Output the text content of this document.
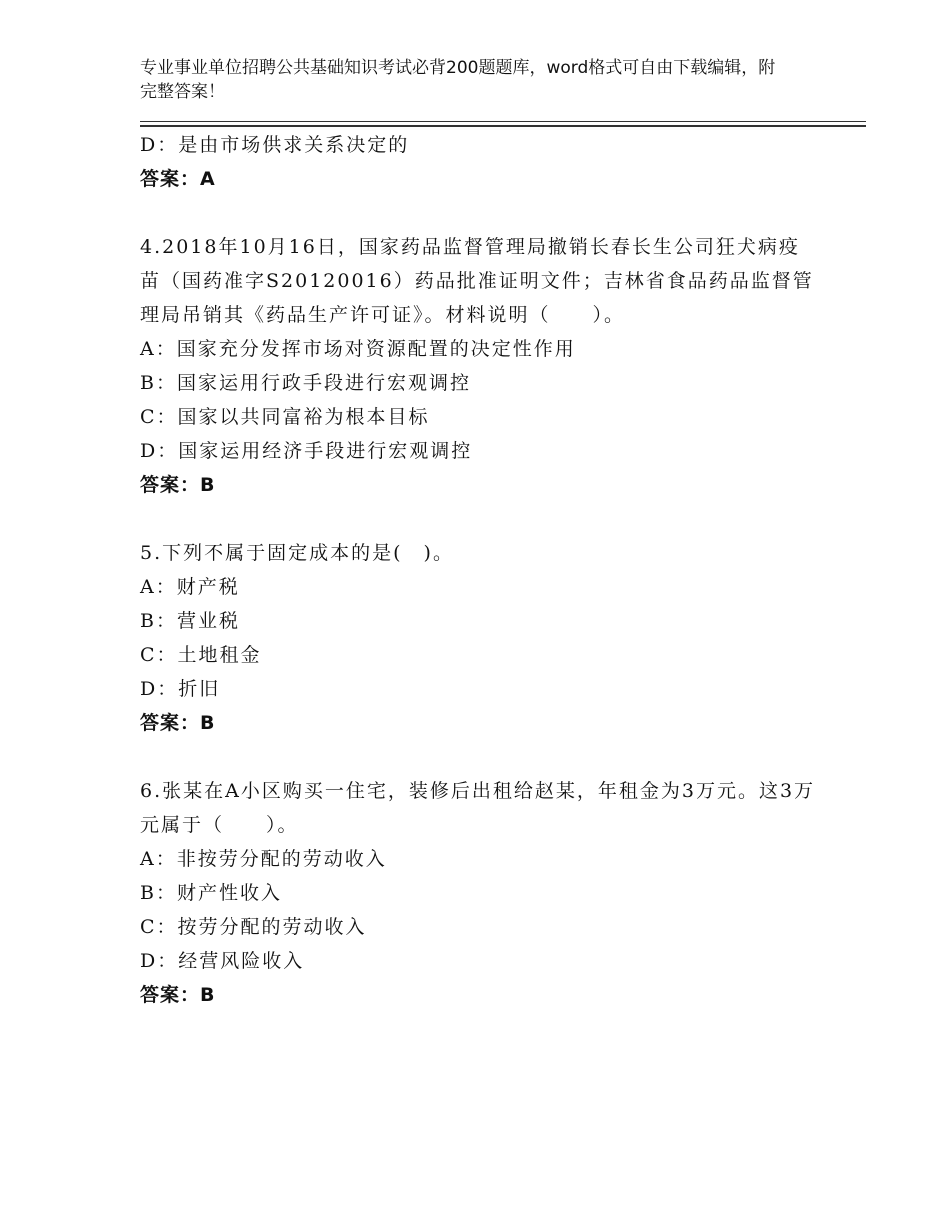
专业事业单位招聘公共基础知识考试必背200题题库，word格式可自由下载编辑，附完整答案！
D：是由市场供求关系决定的
答案：A
4.2018年10月16日，国家药品监督管理局撤销长春长生公司狂犬病疫苗（国药准字S20120016）药品批准证明文件；吉林省食品药品监督管理局吊销其《药品生产许可证》。材料说明（　　）。
A：国家充分发挥市场对资源配置的决定性作用
B：国家运用行政手段进行宏观调控
C：国家以共同富裕为根本目标
D：国家运用经济手段进行宏观调控
答案：B
5.下列不属于固定成本的是(　)。
A：财产税
B：营业税
C：土地租金
D：折旧
答案：B
6.张某在A小区购买一住宅，装修后出租给赵某，年租金为3万元。这3万元属于（　　）。
A：非按劳分配的劳动收入
B：财产性收入
C：按劳分配的劳动收入
D：经营风险收入
答案：B
